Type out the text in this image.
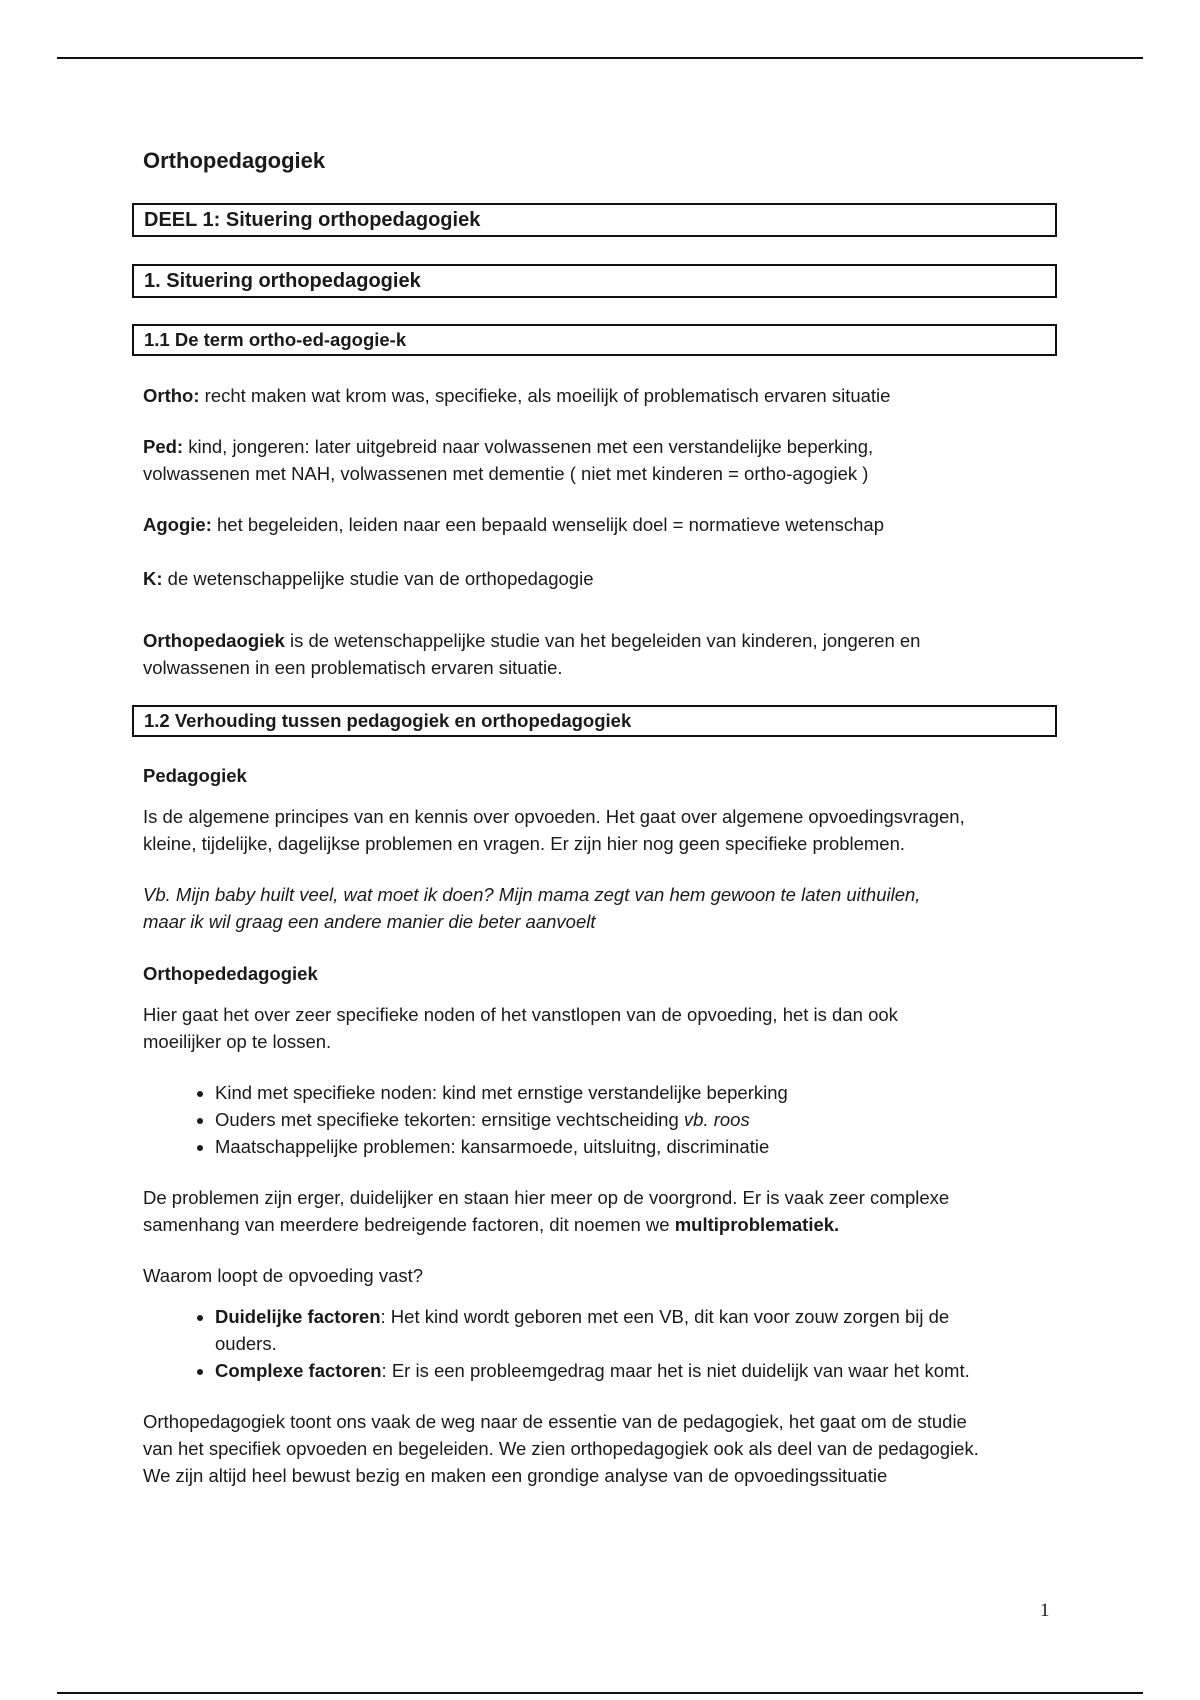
Orthopedagogiek
DEEL 1: Situering orthopedagogiek
1. Situering orthopedagogiek
1.1 De term ortho-ed-agogie-k

Ortho: recht maken wat krom was, specifieke, als moeilijk of problematisch ervaren situatie

Ped: kind, jongeren: later uitgebreid naar volwassenen met een verstandelijke beperking,
volwassenen met NAH, volwassenen met dementie ( niet met kinderen = ortho-agogiek )

Agogie: het begeleiden, leiden naar een bepaald wenselijk doel = normatieve wetenschap

K: de wetenschappelijke studie van de orthopedagogie

Orthopedaogiek is de wetenschappelijke studie van het begeleiden van kinderen, jongeren en
volwassenen in een problematisch ervaren situatie.

1.2 Verhouding tussen pedagogiek en orthopedagogiek

Pedagogiek

Is de algemene principes van en kennis over opvoeden. Het gaat over algemene opvoedingsvragen,
kleine, tijdelijke, dagelijkse problemen en vragen. Er zijn hier nog geen specifieke problemen.

Vb. Mijn baby huilt veel, wat moet ik doen? Mijn mama zegt van hem gewoon te laten uithuilen,
maar ik wil graag een andere manier die beter aanvoelt

Orthopededagogiek

Hier gaat het over zeer specifieke noden of het vanstlopen van de opvoeding, het is dan ook
moeilijker op te lossen.

• Kind met specifieke noden: kind met ernstige verstandelijke beperking
• Ouders met specifieke tekorten: ernsitige vechtscheiding vb. roos
• Maatschappelijke problemen: kansarmoede, uitsluitng, discriminatie

De problemen zijn erger, duidelijker en staan hier meer op de voorgrond. Er is vaak zeer complexe
samenhang van meerdere bedreigende factoren, dit noemen we multiproblematiek.

Waarom loopt de opvoeding vast?

• Duidelijke factoren: Het kind wordt geboren met een VB, dit kan voor zouw zorgen bij de
ouders.
• Complexe factoren: Er is een probleemgedrag maar het is niet duidelijk van waar het komt.

Orthopedagogiek toont ons vaak de weg naar de essentie van de pedagogiek, het gaat om de studie
van het specifiek opvoeden en begeleiden. We zien orthopedagogiek ook als deel van de pedagogiek.
We zijn altijd heel bewust bezig en maken een grondige analyse van de opvoedingssituatie

1
